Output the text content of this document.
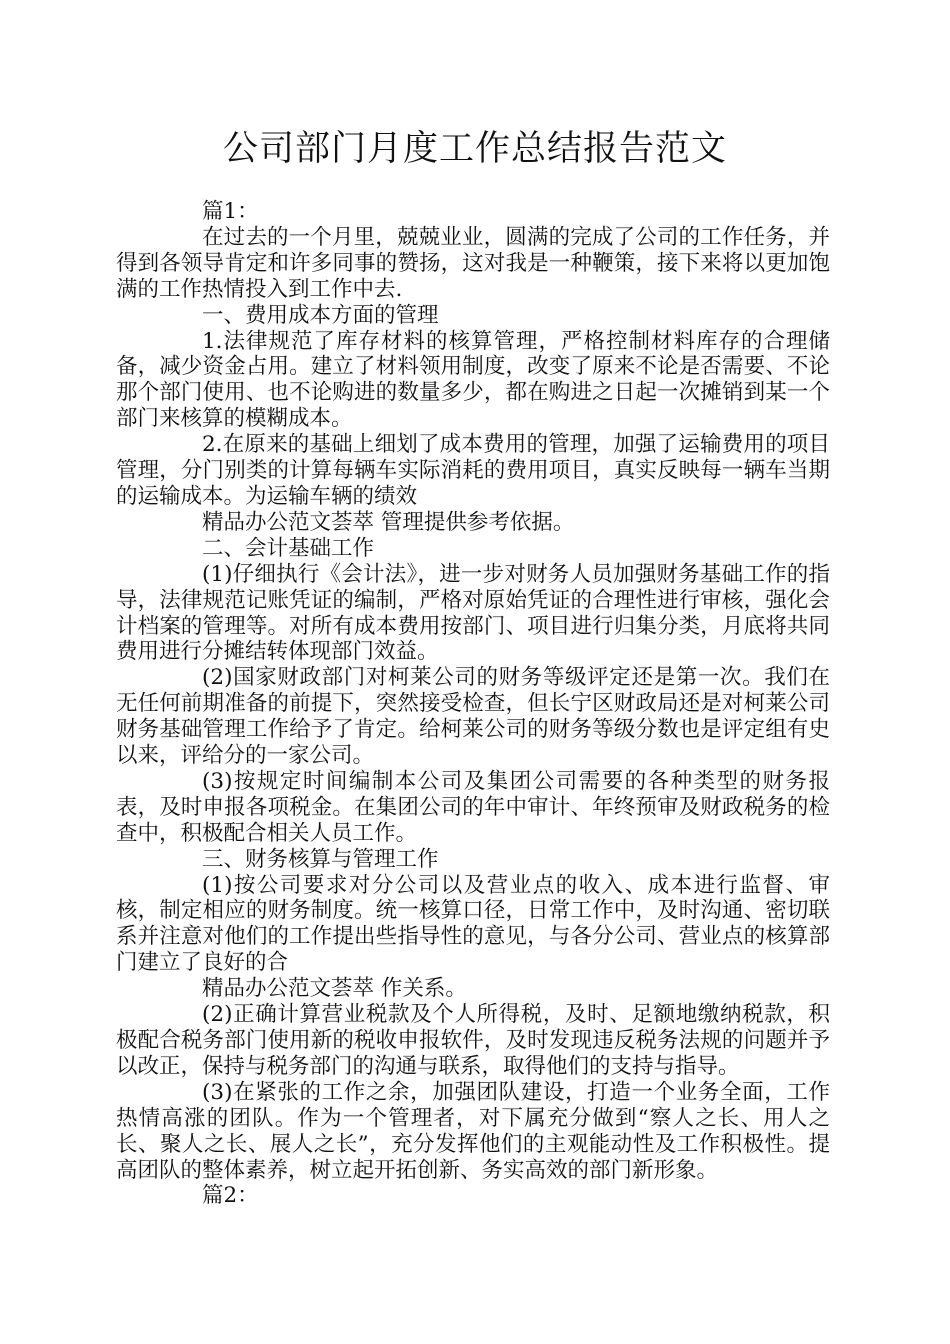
公司部门月度工作总结报告范文

篇1：

在过去的一个月里，兢兢业业，圆满的完成了公司的工作任务，并得到各领导肯定和许多同事的赞扬，这对我是一种鞭策，接下来将以更加饱满的工作热情投入到工作中去.

一、费用成本方面的管理

1.法律规范了库存材料的核算管理，严格控制材料库存的合理储备，减少资金占用。建立了材料领用制度，改变了原来不论是否需要、不论那个部门使用、也不论购进的数量多少，都在购进之日起一次摊销到某一个部门来核算的模糊成本。

2.在原来的基础上细划了成本费用的管理，加强了运输费用的项目管理，分门别类的计算每辆车实际消耗的费用项目，真实反映每一辆车当期的运输成本。为运输车辆的绩效

精品办公范文荟萃 管理提供参考依据。

二、会计基础工作

(1)仔细执行《会计法》，进一步对财务人员加强财务基础工作的指导，法律规范记账凭证的编制，严格对原始凭证的合理性进行审核，强化会计档案的管理等。对所有成本费用按部门、项目进行归集分类，月底将共同费用进行分摊结转体现部门效益。

(2)国家财政部门对柯莱公司的财务等级评定还是第一次。我们在无任何前期准备的前提下，突然接受检查，但长宁区财政局还是对柯莱公司财务基础管理工作给予了肯定。给柯莱公司的财务等级分数也是评定组有史以来，评给分的一家公司。

(3)按规定时间编制本公司及集团公司需要的各种类型的财务报表，及时申报各项税金。在集团公司的年中审计、年终预审及财政税务的检查中，积极配合相关人员工作。

三、财务核算与管理工作

(1)按公司要求对分公司以及营业点的收入、成本进行监督、审核，制定相应的财务制度。统一核算口径，日常工作中，及时沟通、密切联系并注意对他们的工作提出些指导性的意见，与各分公司、营业点的核算部门建立了良好的合

精品办公范文荟萃 作关系。

(2)正确计算营业税款及个人所得税，及时、足额地缴纳税款，积极配合税务部门使用新的税收申报软件，及时发现违反税务法规的问题并予以改正，保持与税务部门的沟通与联系，取得他们的支持与指导。

(3)在紧张的工作之余，加强团队建设，打造一个业务全面，工作热情高涨的团队。作为一个管理者，对下属充分做到“察人之长、用人之长、聚人之长、展人之长”，充分发挥他们的主观能动性及工作积极性。提高团队的整体素养，树立起开拓创新、务实高效的部门新形象。

篇2：
